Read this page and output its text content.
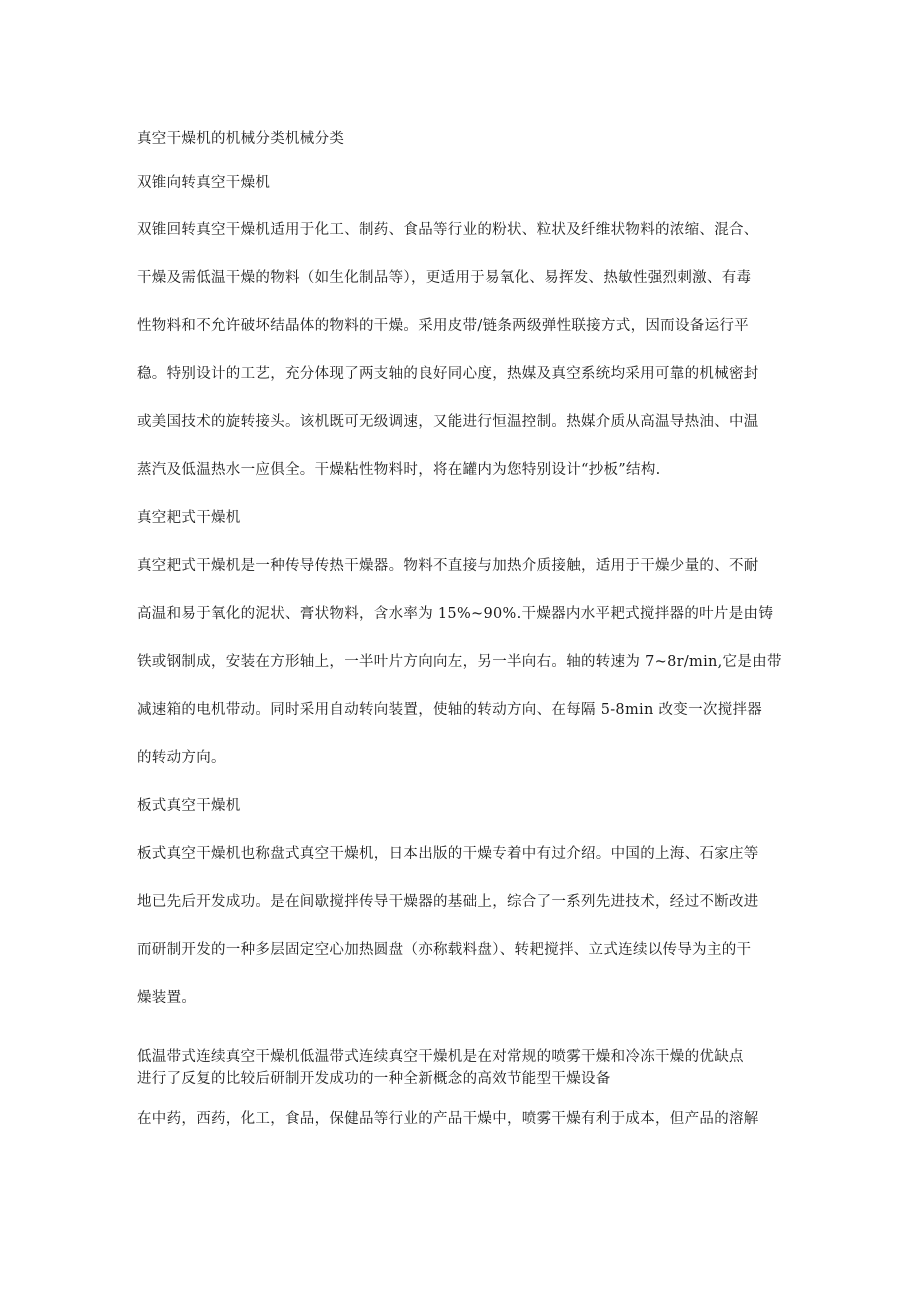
真空干燥机的机械分类机械分类
双锥向转真空干燥机
双锥回转真空干燥机适用于化工、制药、食品等行业的粉状、粒状及纤维状物料的浓缩、混合、
干燥及需低温干燥的物料（如生化制品等），更适用于易氧化、易挥发、热敏性强烈刺激、有毒
性物料和不允许破坏结晶体的物料的干燥。采用皮带/链条两级弹性联接方式，因而设备运行平
稳。特别设计的工艺，充分体现了两支轴的良好同心度，热媒及真空系统均采用可靠的机械密封
或美国技术的旋转接头。该机既可无级调速，又能进行恒温控制。热媒介质从高温导热油、中温
蒸汽及低温热水一应俱全。干燥粘性物料时，将在罐内为您特别设计“抄板”结构.
真空耙式干燥机
真空耙式干燥机是一种传导传热干燥器。物料不直接与加热介质接触，适用于干燥少量的、不耐
高温和易于氧化的泥状、膏状物料，含水率为 15%~90%.干燥器内水平耙式搅拌器的叶片是由铸
铁或钢制成，安装在方形轴上，一半叶片方向向左，另一半向右。轴的转速为 7~8r/min,它是由带
减速箱的电机带动。同时采用自动转向装置，使轴的转动方向、在每隔 5-8min 改变一次搅拌器
的转动方向。
板式真空干燥机
板式真空干燥机也称盘式真空干燥机，日本出版的干燥专着中有过介绍。中国的上海、石家庄等
地已先后开发成功。是在间歇搅拌传导干燥器的基础上，综合了一系列先进技术，经过不断改进
而研制开发的一种多层固定空心加热圆盘（亦称载料盘）、转耙搅拌、立式连续以传导为主的干
燥装置。
低温带式连续真空干燥机低温带式连续真空干燥机是在对常规的喷雾干燥和冷冻干燥的优缺点
进行了反复的比较后研制开发成功的一种全新概念的高效节能型干燥设备
在中药，西药，化工，食品，保健品等行业的产品干燥中，喷雾干燥有利于成本，但产品的溶解
